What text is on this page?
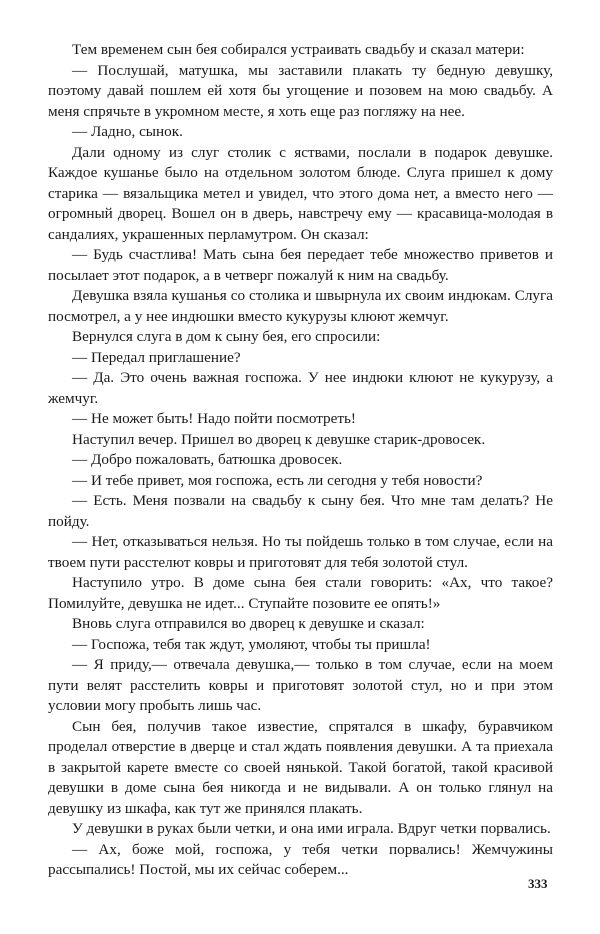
Тем временем сын бея собирался устраивать свадьбу и сказал матери:

— Послушай, матушка, мы заставили плакать ту бедную девушку, поэтому давай пошлем ей хотя бы угощение и позовем на мою свадьбу. А меня спрячьте в укромном месте, я хоть еще раз погляжу на нее.

— Ладно, сынок.

Дали одному из слуг столик с яствами, послали в подарок девушке. Каждое кушанье было на отдельном золотом блюде. Слуга пришел к дому старика — вязальщика метел и увидел, что этого дома нет, а вместо него — огромный дворец. Вошел он в дверь, навстречу ему — красавица-молодая в сандалиях, украшенных перламутром. Он сказал:

— Будь счастлива! Мать сына бея передает тебе множество приветов и посылает этот подарок, а в четверг пожалуй к ним на свадьбу.

Девушка взяла кушанья со столика и швырнула их своим индюкам. Слуга посмотрел, а у нее индюшки вместо кукурузы клюют жемчуг.

Вернулся слуга в дом к сыну бея, его спросили:

— Передал приглашение?

— Да. Это очень важная госпожа. У нее индюки клюют не кукурузу, а жемчуг.

— Не может быть! Надо пойти посмотреть!

Наступил вечер. Пришел во дворец к девушке старик-дровосек.

— Добро пожаловать, батюшка дровосек.

— И тебе привет, моя госпожа, есть ли сегодня у тебя новости?

— Есть. Меня позвали на свадьбу к сыну бея. Что мне там делать? Не пойду.

— Нет, отказываться нельзя. Но ты пойдешь только в том случае, если на твоем пути расстелют ковры и приготовят для тебя золотой стул.

Наступило утро. В доме сына бея стали говорить: «Ах, что такое? Помилуйте, девушка не идет... Ступайте позовите ее опять!»

Вновь слуга отправился во дворец к девушке и сказал:

— Госпожа, тебя так ждут, умоляют, чтобы ты пришла!

— Я приду,— отвечала девушка,— только в том случае, если на моем пути велят расстелить ковры и приготовят золотой стул, но и при этом условии могу пробыть лишь час.

Сын бея, получив такое известие, спрятался в шкафу, буравчиком проделал отверстие в дверце и стал ждать появления девушки. А та приехала в закрытой карете вместе со своей нянькой. Такой богатой, такой красивой девушки в доме сына бея никогда и не видывали. А он только глянул на девушку из шкафа, как тут же принялся плакать.

У девушки в руках были четки, и она ими играла. Вдруг четки порвались.

— Ах, боже мой, госпожа, у тебя четки порвались! Жемчужины рассыпались! Постой, мы их сейчас соберем...

333
